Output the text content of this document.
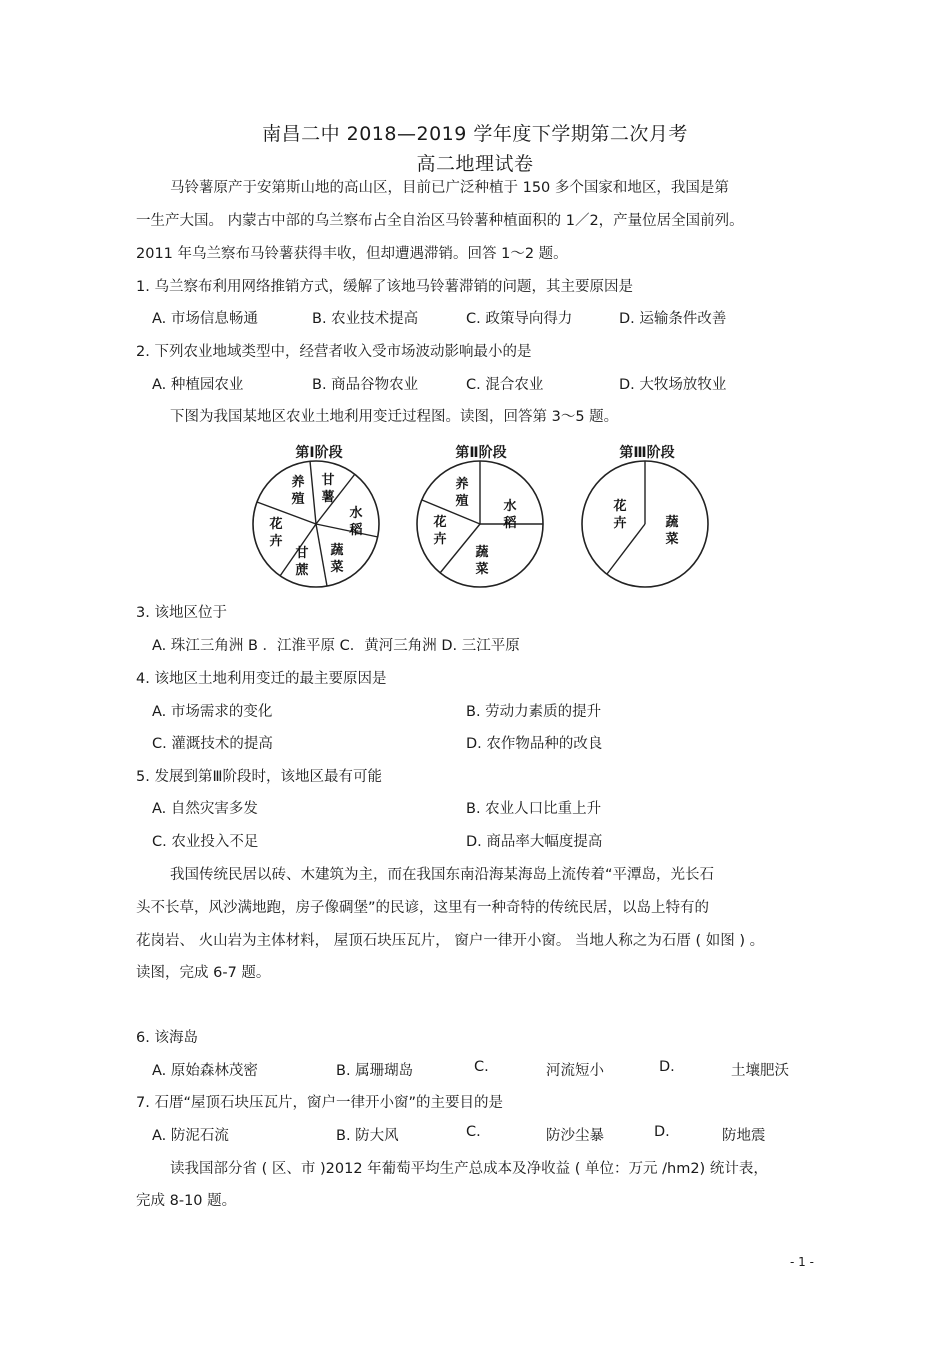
南昌二中 2018—2019 学年度下学期第二次月考
高二地理试卷
马铃薯原产于安第斯山地的高山区，目前已广泛种植于 150 多个国家和地区，我国是第
一生产大国。 内蒙古中部的乌兰察布占全自治区马铃薯种植面积的 1／2，产量位居全国前列。
2011 年乌兰察布马铃薯获得丰收，但却遭遇滞销。回答 1～2 题。
1. 乌兰察布利用网络推销方式，缓解了该地马铃薯滞销的问题，其主要原因是
A. 市场信息畅通	B. 农业技术提高	C. 政策导向得力	D. 运输条件改善
2. 下列农业地域类型中，经营者收入受市场波动影响最小的是
A. 种植园农业	B. 商品谷物农业	C. 混合农业	D. 大牧场放牧业
下图为我国某地区农业土地利用变迁过程图。读图，回答第 3～5 题。
第Ⅰ阶段	第Ⅱ阶段	第Ⅲ阶段
养
殖
甘
薯
水
稻
蔬
菜
甘
蔗
花
卉
养
殖	水
稻
蔬
菜
花
卉
花
卉	蔬
菜
3. 该地区位于
A. 珠江三角洲 B ．江淮平原 C．黄河三角洲 D. 三江平原
4. 该地区土地利用变迁的最主要原因是
A. 市场需求的变化	B. 劳动力素质的提升
C. 灌溉技术的提高	D. 农作物品种的改良
5. 发展到第Ⅲ阶段时，该地区最有可能
A. 自然灾害多发	B. 农业人口比重上升
C. 农业投入不足	D. 商品率大幅度提高
我国传统民居以砖、木建筑为主，而在我国东南沿海某海岛上流传着“平潭岛，光长石
头不长草，风沙满地跑，房子像碉堡”的民谚，这里有一种奇特的传统民居，以岛上特有的
花岗岩、 火山岩为主体材料， 屋顶石块压瓦片， 窗户一律开小窗。 当地人称之为石厝 ( 如图 ) 。
读图，完成 6-7 题。
6. 该海岛
A. 原始森林茂密	B. 属珊瑚岛	C.	河流短小	D.	土壤肥沃
7. 石厝“屋顶石块压瓦片，窗户一律开小窗”的主要目的是
A. 防泥石流	B. 防大风	C.	防沙尘暴	D.	防地震
读我国部分省 ( 区、市 )2012 年葡萄平均生产总成本及净收益 ( 单位：万元 /hm2) 统计表，
完成 8-10 题。
- 1 -
